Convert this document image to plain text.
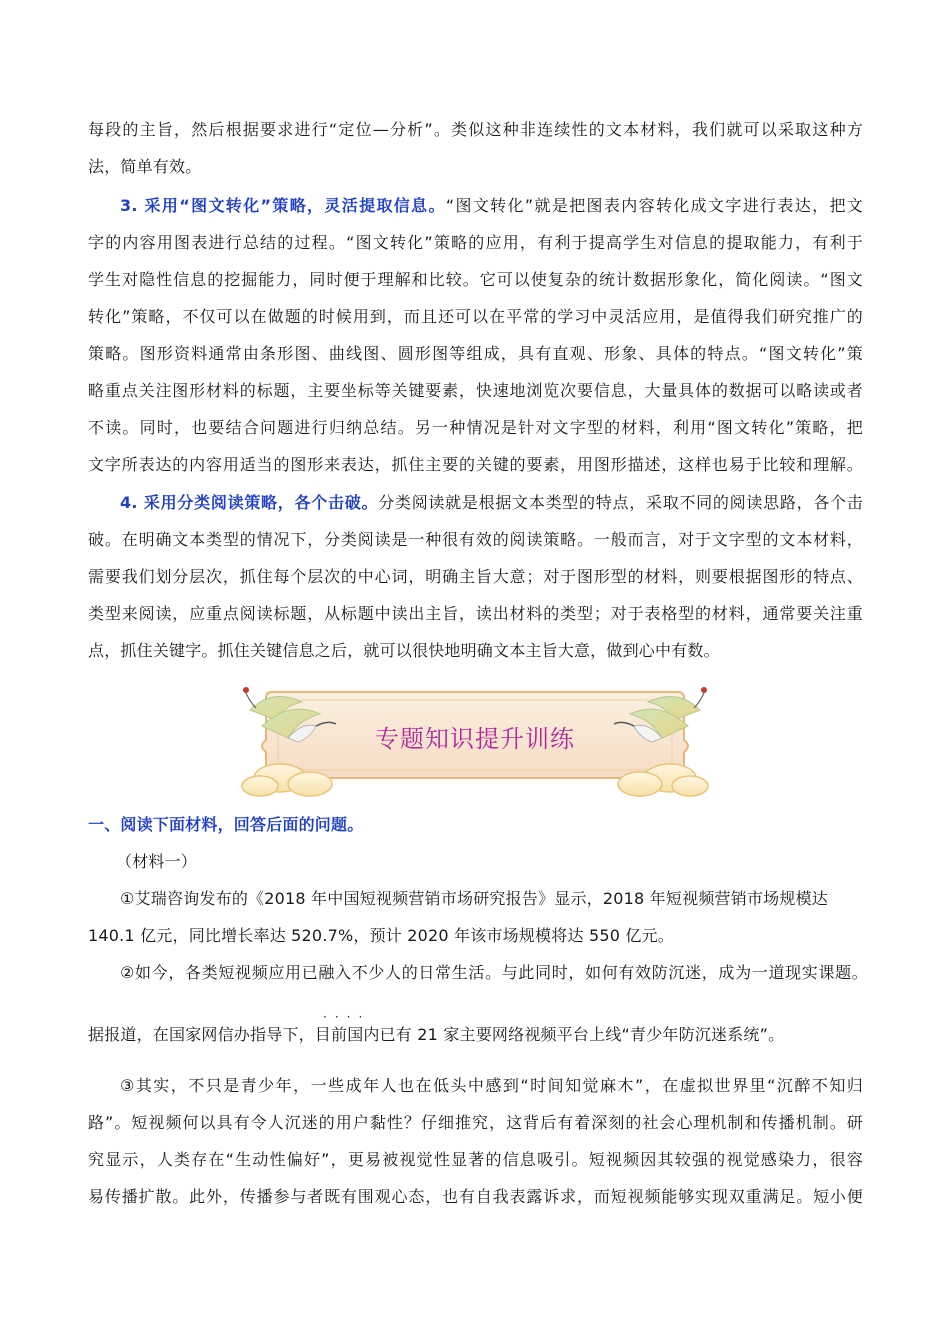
每段的主旨，然后根据要求进行“定位—分析”。类似这种非连续性的文本材料，我们就可以采取这种方
法，简单有效。
3. 采用“图文转化”策略，灵活提取信息。“图文转化”就是把图表内容转化成文字进行表达，把文
字的内容用图表进行总结的过程。“图文转化”策略的应用，有利于提高学生对信息的提取能力，有利于
学生对隐性信息的挖掘能力，同时便于理解和比较。它可以使复杂的统计数据形象化，简化阅读。“图文
转化”策略，不仅可以在做题的时候用到，而且还可以在平常的学习中灵活应用，是值得我们研究推广的
策略。图形资料通常由条形图、曲线图、圆形图等组成，具有直观、形象、具体的特点。“图文转化”策
略重点关注图形材料的标题，主要坐标等关键要素，快速地浏览次要信息，大量具体的数据可以略读或者
不读。同时，也要结合问题进行归纳总结。另一种情况是针对文字型的材料，利用“图文转化”策略，把
文字所表达的内容用适当的图形来表达，抓住主要的关键的要素，用图形描述，这样也易于比较和理解。
4. 采用分类阅读策略，各个击破。分类阅读就是根据文本类型的特点，采取不同的阅读思路，各个击
破。在明确文本类型的情况下，分类阅读是一种很有效的阅读策略。一般而言，对于文字型的文本材料，
需要我们划分层次，抓住每个层次的中心词，明确主旨大意；对于图形型的材料，则要根据图形的特点、
类型来阅读，应重点阅读标题，从标题中读出主旨，读出材料的类型；对于表格型的材料，通常要关注重
点，抓住关键字。抓住关键信息之后，就可以很快地明确文本主旨大意，做到心中有数。
专题知识提升训练
一、阅读下面材料，回答后面的问题。
（材料一）
①艾瑞咨询发布的《2018 年中国短视频营销市场研究报告》显示，2018 年短视频营销市场规模达
140.1 亿元，同比增长率达 520.7%，预计 2020 年该市场规模将达 550 亿元。
②如今，各类短视频应用已融入不少人的日常生活。与此同时，如何有效防沉迷，成为一道现实课题。
····
据报道，在国家网信办指导下，目前国内已有 21 家主要网络视频平台上线“青少年防沉迷系统”。
③其实，不只是青少年，一些成年人也在低头中感到“时间知觉麻木”，在虚拟世界里“沉醉不知归
路”。短视频何以具有令人沉迷的用户黏性？仔细推究，这背后有着深刻的社会心理机制和传播机制。研
究显示，人类存在“生动性偏好”，更易被视觉性显著的信息吸引。短视频因其较强的视觉感染力，很容
易传播扩散。此外，传播参与者既有围观心态，也有自我表露诉求，而短视频能够实现双重满足。短小便
